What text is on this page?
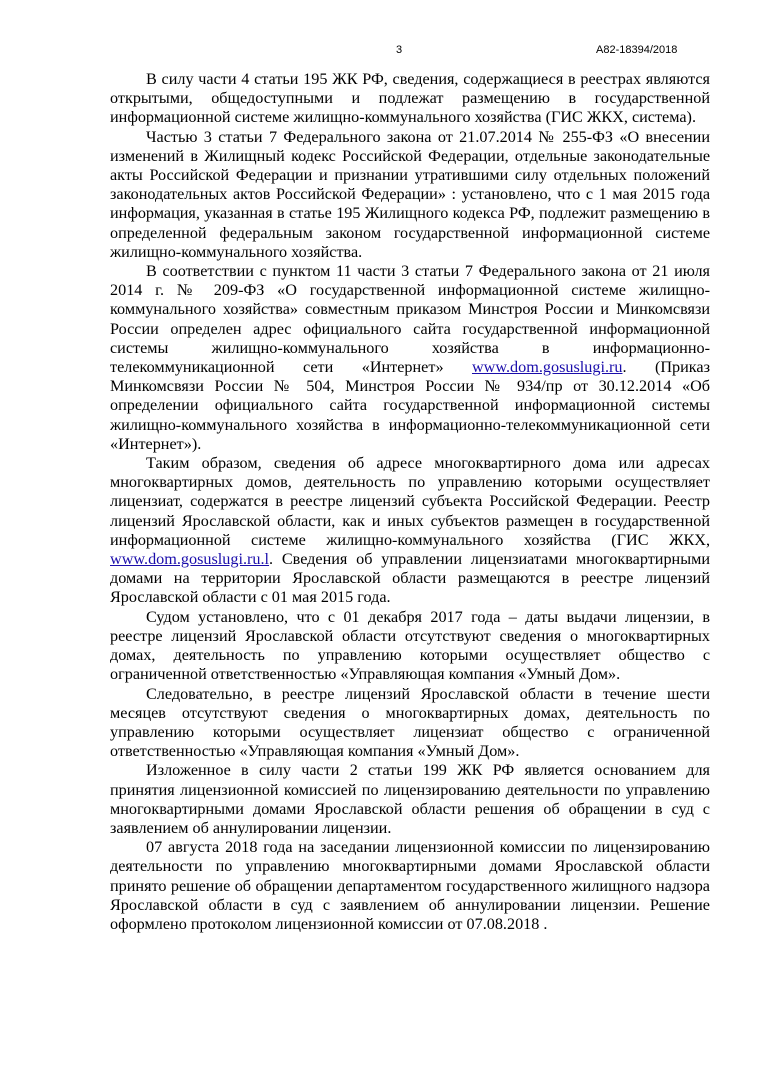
3	А82-18394/2018

В силу части 4 статьи 195 ЖК РФ, сведения, содержащиеся в реестрах являются открытыми, общедоступными и подлежат размещению в государственной информационной системе жилищно-коммунального хозяйства (ГИС ЖКХ, система).

Частью 3 статьи 7 Федерального закона от 21.07.2014 № 255-ФЗ «О внесении изменений в Жилищный кодекс Российской Федерации, отдельные законодательные акты Российской Федерации и признании утратившими силу отдельных положений законодательных актов Российской Федерации» : установлено, что с 1 мая 2015 года информация, указанная в статье 195 Жилищного кодекса РФ, подлежит размещению в определенной федеральным законом государственной информационной системе жилищно-коммунального хозяйства.

В соответствии с пунктом 11 части 3 статьи 7 Федерального закона от 21 июля 2014 г. № 209-ФЗ «О государственной информационной системе жилищно-коммунального хозяйства» совместным приказом Минстроя России и Минкомсвязи России определен адрес официального сайта государственной информационной системы жилищно-коммунального хозяйства в информационно-телекоммуникационной сети «Интернет» www.dom.gosuslugi.ru. (Приказ Минкомсвязи России № 504, Минстроя России № 934/пр от 30.12.2014 «Об определении официального сайта государственной информационной системы жилищно-коммунального хозяйства в информационно-телекоммуникационной сети «Интернет»).

Таким образом, сведения об адресе многоквартирного дома или адресах многоквартирных домов, деятельность по управлению которыми осуществляет лицензиат, содержатся в реестре лицензий субъекта Российской Федерации. Реестр лицензий Ярославской области, как и иных субъектов размещен в государственной информационной системе жилищно-коммунального хозяйства (ГИС ЖКХ, www.dom.gosuslugi.ru.l. Сведения об управлении лицензиатами многоквартирными домами на территории Ярославской области размещаются в реестре лицензий Ярославской области с 01 мая 2015 года.

Судом установлено, что с 01 декабря 2017 года – даты выдачи лицензии, в реестре лицензий Ярославской области отсутствуют сведения о многоквартирных домах, деятельность по управлению которыми осуществляет общество с ограниченной ответственностью «Управляющая компания «Умный Дом».

Следовательно, в реестре лицензий Ярославской области в течение шести месяцев отсутствуют сведения о многоквартирных домах, деятельность по управлению которыми осуществляет лицензиат общество с ограниченной ответственностью «Управляющая компания «Умный Дом».

Изложенное в силу части 2 статьи 199 ЖК РФ является основанием для принятия лицензионной комиссией по лицензированию деятельности по управлению многоквартирными домами Ярославской области решения об обращении в суд с заявлением об аннулировании лицензии.

07 августа 2018 года на заседании лицензионной комиссии по лицензированию деятельности по управлению многоквартирными домами Ярославской области принято решение об обращении департаментом государственного жилищного надзора Ярославской области в суд с заявлением об аннулировании лицензии. Решение оформлено протоколом лицензионной комиссии от 07.08.2018 .
